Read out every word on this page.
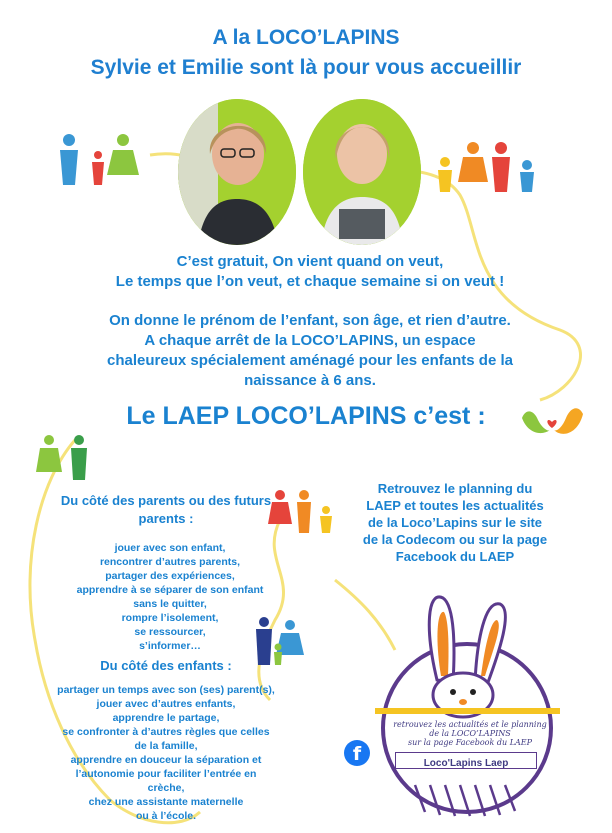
A la LOCO’LAPINS
Sylvie et Emilie sont là pour vous accueillir
C’est gratuit, On vient quand on veut,
Le temps que l’on veut, et chaque semaine si on veut !
On donne le prénom de l’enfant, son âge, et rien d’autre.
A chaque arrêt de la LOCO’LAPINS, un espace
chaleureux spécialement aménagé pour les enfants de la
naissance à 6 ans.
Le LAEP LOCO’LAPINS c’est :
Du côté des parents ou des futurs
parents :
jouer avec son enfant,
rencontrer d’autres parents,
partager des expériences,
apprendre à se séparer de son enfant
sans le quitter,
rompre l’isolement,
se ressourcer,
s’informer…
Du côté des enfants :
partager un temps avec son (ses) parent(s),
jouer avec d’autres enfants,
apprendre le partage,
se confronter à d’autres règles que celles
de la famille,
apprendre en douceur la séparation et
l’autonomie pour faciliter l’entrée en
crèche,
chez une assistante maternelle
ou à l’école.
Retrouvez le planning du
LAEP et toutes les actualités
de la Loco’Lapins sur le site
de la Codecom ou sur la page
Facebook du LAEP
retrouvez les actualités et le planning
de la LOCO’LAPINS
sur la page Facebook du LAEP
Loco'Lapins Laep
f
